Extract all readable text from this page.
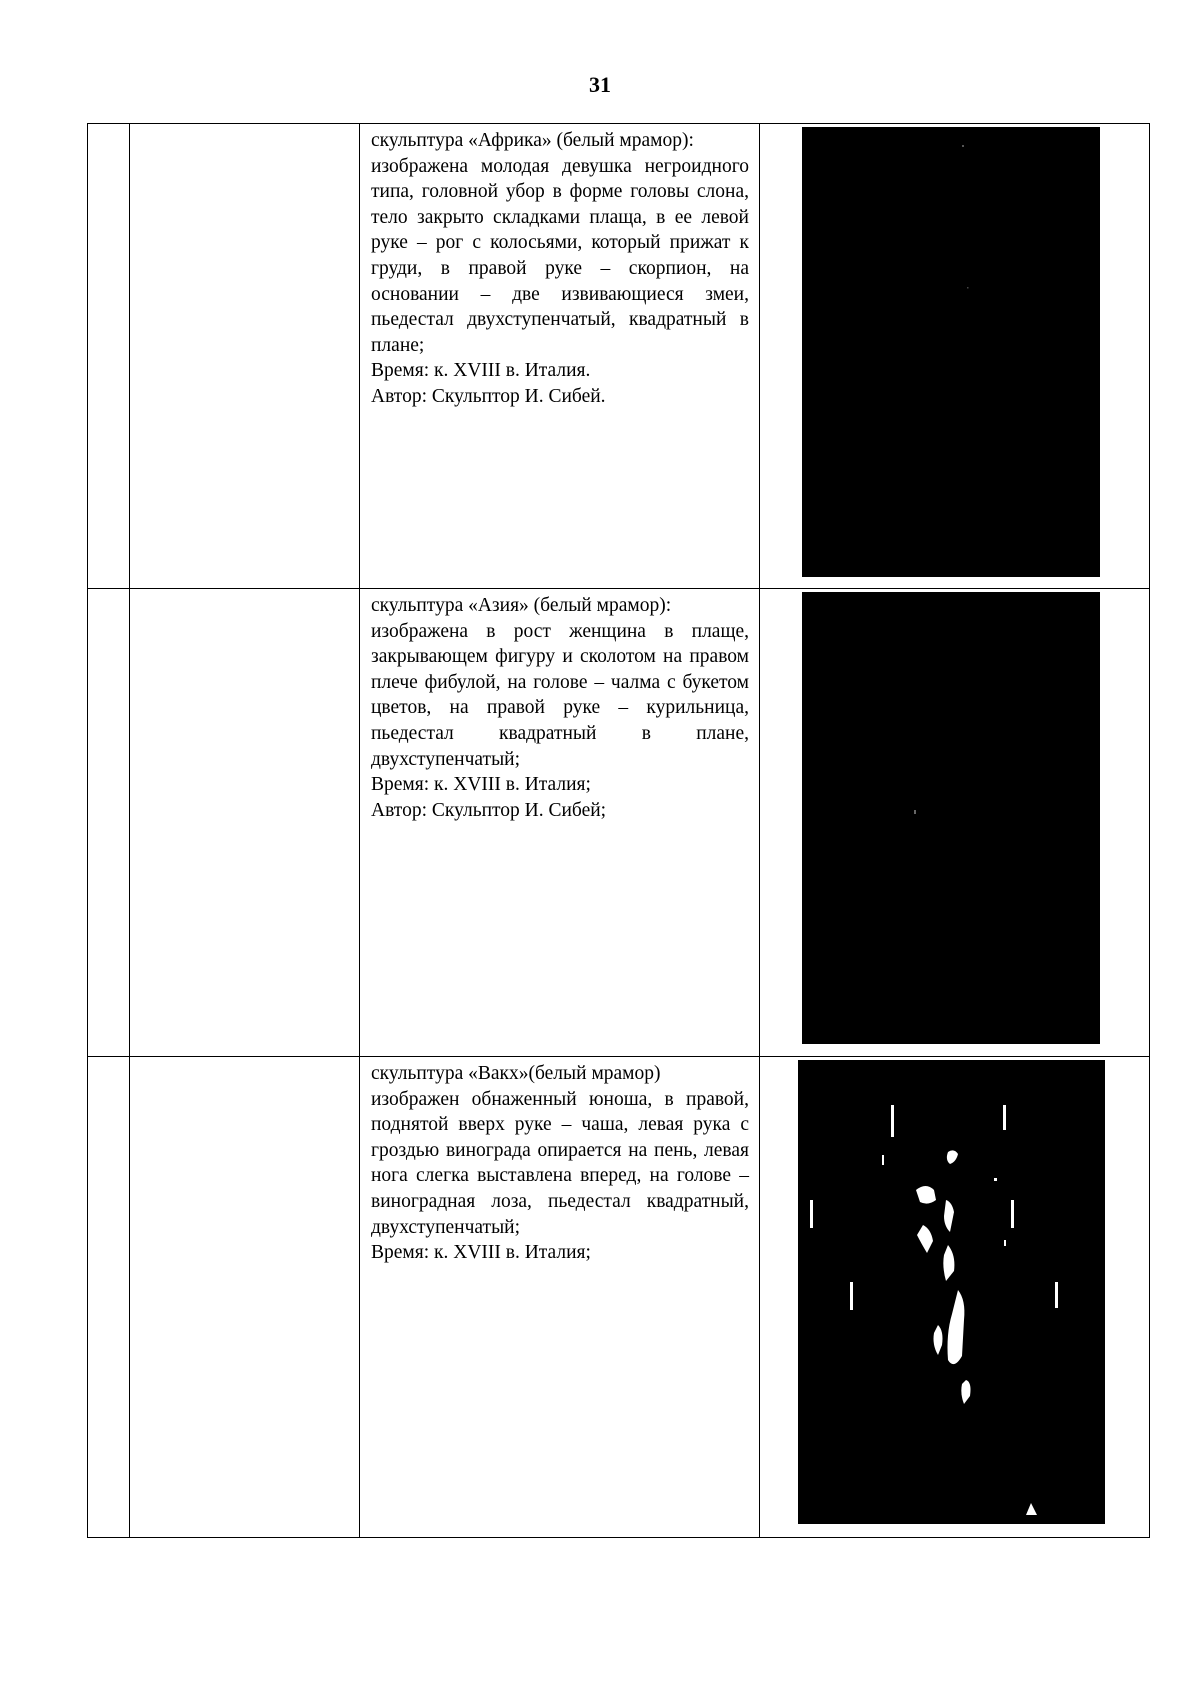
31

		скульптура «Африка» (белый мрамор):

изображена молодая девушка негроидного типа, головной убор в форме головы слона, тело закрыто складками плаща, в ее левой руке – рог с колосьями, который прижат к груди, в правой руке – скорпион, на основании – две извивающиеся змеи, пьедестал двухступенчатый, квадратный в плане;

Время: к. XVIII в. Италия.

Автор: Скульптор И. Сибей.

		скульптура «Азия» (белый мрамор):

изображена в рост женщина в плаще, закрывающем фигуру и сколотом на правом плече фибулой, на голове – чалма с букетом цветов, на правой руке – курильница, пьедестал квадратный в плане, двухступенчатый;

Время: к. XVIII в. Италия;

Автор: Скульптор И. Сибей;

		скульптура «Вакх»(белый мрамор)

изображен обнаженный юноша, в правой, поднятой вверх руке – чаша, левая рука с гроздью винограда опирается на пень, левая нога слегка выставлена вперед, на голове – виноградная лоза, пьедестал квадратный, двухступенчатый;

Время: к. XVIII в. Италия;
